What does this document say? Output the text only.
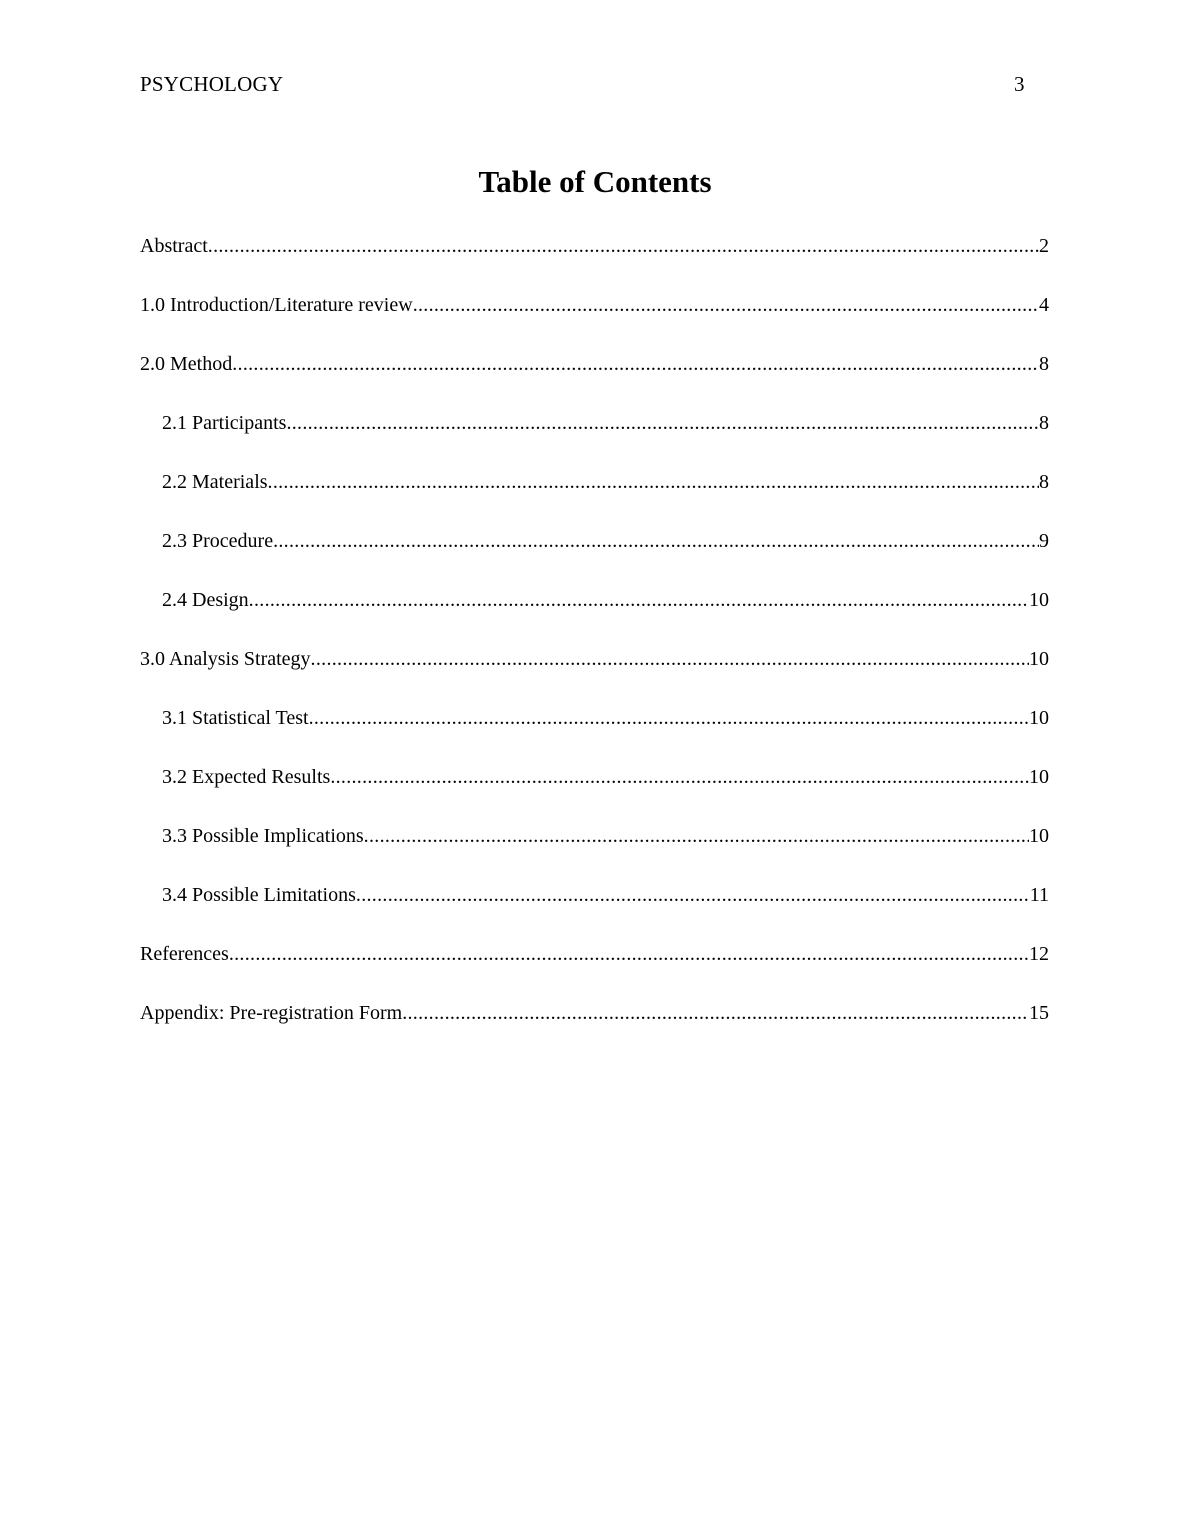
PSYCHOLOGY	3
Table of Contents
Abstract .....	2
1.0 Introduction/Literature review .....	4
2.0 Method .....	8
2.1 Participants .....	8
2.2 Materials .....	8
2.3 Procedure .....	9
2.4 Design .....	10
3.0 Analysis Strategy .....	10
3.1 Statistical Test .....	10
3.2 Expected Results .....	10
3.3 Possible Implications .....	10
3.4 Possible Limitations .....	11
References .....	12
Appendix: Pre-registration Form .....	15
